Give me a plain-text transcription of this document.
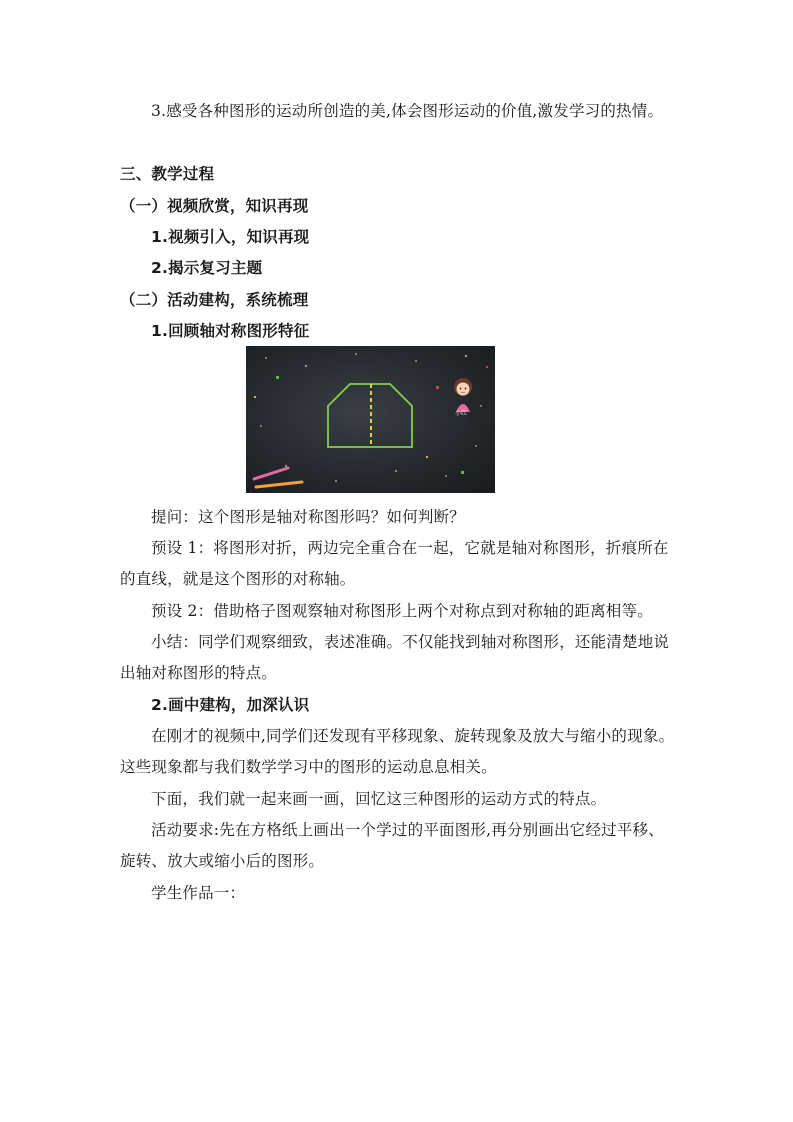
3.感受各种图形的运动所创造的美,体会图形运动的价值,激发学习的热情。
三、教学过程
（一）视频欣赏，知识再现
1.视频引入，知识再现
2.揭示复习主题
（二）活动建构，系统梳理
1.回顾轴对称图形特征
小红
提问：这个图形是轴对称图形吗？如何判断？
预设 1：将图形对折，两边完全重合在一起，它就是轴对称图形，折痕所在
的直线，就是这个图形的对称轴。
预设 2：借助格子图观察轴对称图形上两个对称点到对称轴的距离相等。
小结：同学们观察细致，表述准确。不仅能找到轴对称图形，还能清楚地说
出轴对称图形的特点。
2.画中建构，加深认识
在刚才的视频中,同学们还发现有平移现象、旋转现象及放大与缩小的现象。
这些现象都与我们数学学习中的图形的运动息息相关。
下面，我们就一起来画一画，回忆这三种图形的运动方式的特点。
活动要求:先在方格纸上画出一个学过的平面图形,再分别画出它经过平移、
旋转、放大或缩小后的图形。
学生作品一：
